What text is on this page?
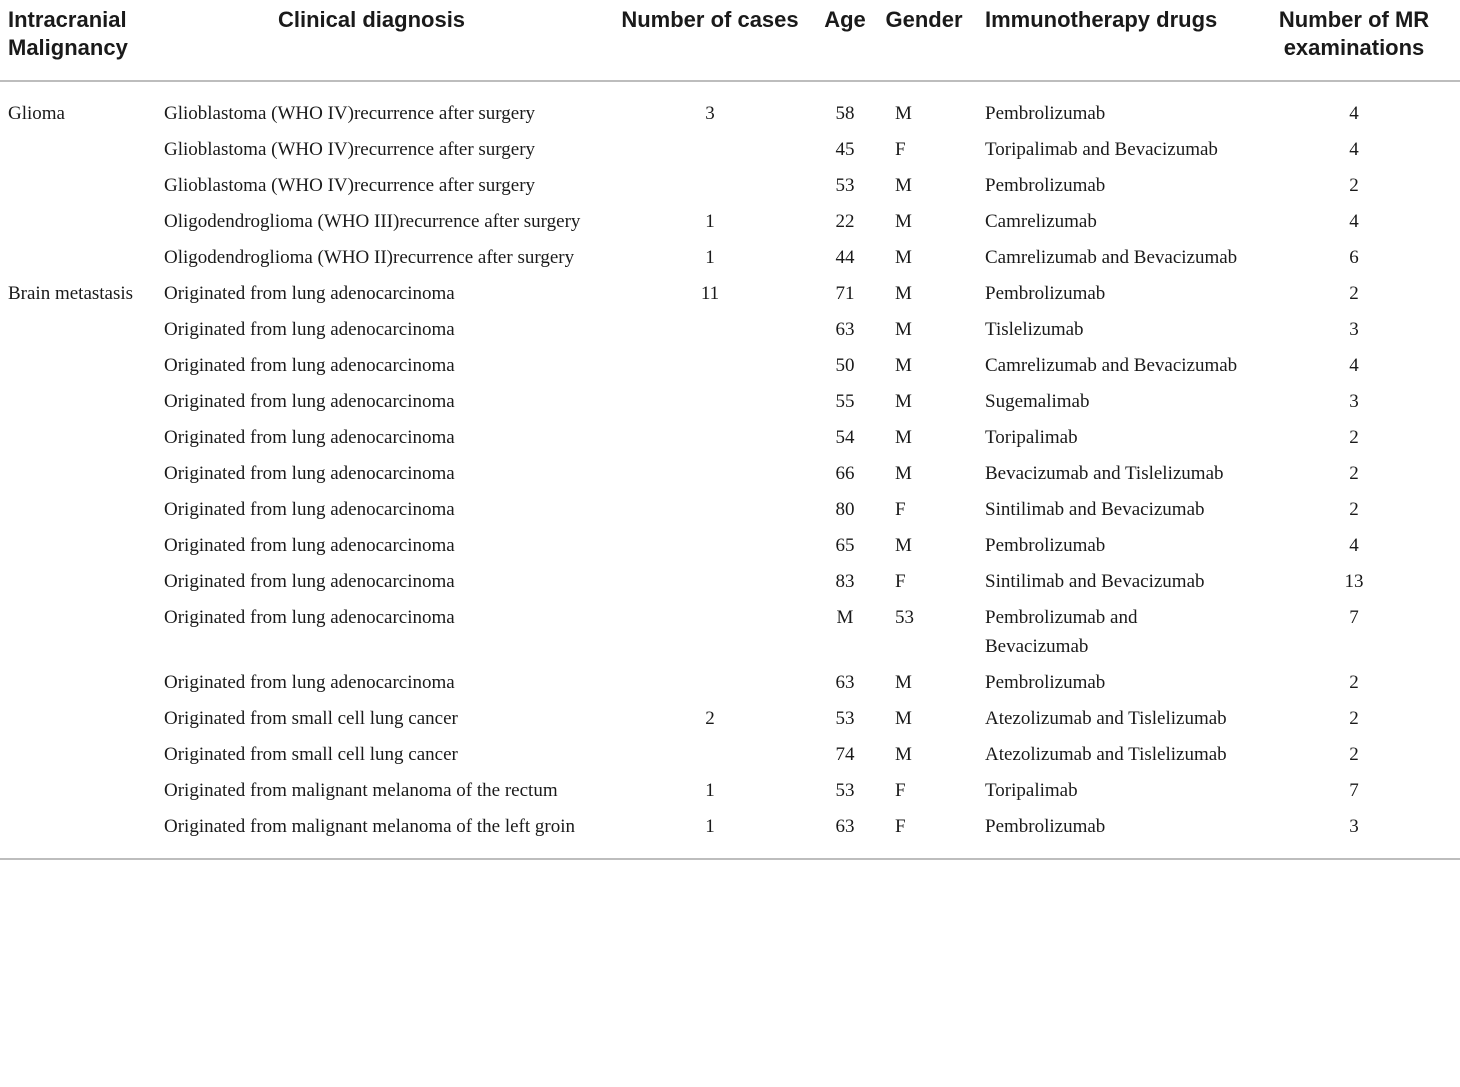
Intracranial Malignancy	Clinical diagnosis	Number of cases	Age	Gender	Immunotherapy drugs	Number of MR examinations
Glioma	Glioblastoma (WHO IV)recurrence after surgery	3	58	M	Pembrolizumab	4
	Glioblastoma (WHO IV)recurrence after surgery		45	F	Toripalimab and Bevacizumab	4
	Glioblastoma (WHO IV)recurrence after surgery		53	M	Pembrolizumab	2
	Oligodendroglioma (WHO III)recurrence after surgery	1	22	M	Camrelizumab	4
	Oligodendroglioma (WHO II)recurrence after surgery	1	44	M	Camrelizumab and Bevacizumab	6
Brain metastasis	Originated from lung adenocarcinoma	11	71	M	Pembrolizumab	2
	Originated from lung adenocarcinoma		63	M	Tislelizumab	3
	Originated from lung adenocarcinoma		50	M	Camrelizumab and Bevacizumab	4
	Originated from lung adenocarcinoma		55	M	Sugemalimab	3
	Originated from lung adenocarcinoma		54	M	Toripalimab	2
	Originated from lung adenocarcinoma		66	M	Bevacizumab and Tislelizumab	2
	Originated from lung adenocarcinoma		80	F	Sintilimab and Bevacizumab	2
	Originated from lung adenocarcinoma		65	M	Pembrolizumab	4
	Originated from lung adenocarcinoma		83	F	Sintilimab and Bevacizumab	13
	Originated from lung adenocarcinoma		M	53	Pembrolizumab and Bevacizumab	7
	Originated from lung adenocarcinoma		63	M	Pembrolizumab	2
	Originated from small cell lung cancer	2	53	M	Atezolizumab and Tislelizumab	2
	Originated from small cell lung cancer		74	M	Atezolizumab and Tislelizumab	2
	Originated from malignant melanoma of the rectum	1	53	F	Toripalimab	7
	Originated from malignant melanoma of the left groin	1	63	F	Pembrolizumab	3
